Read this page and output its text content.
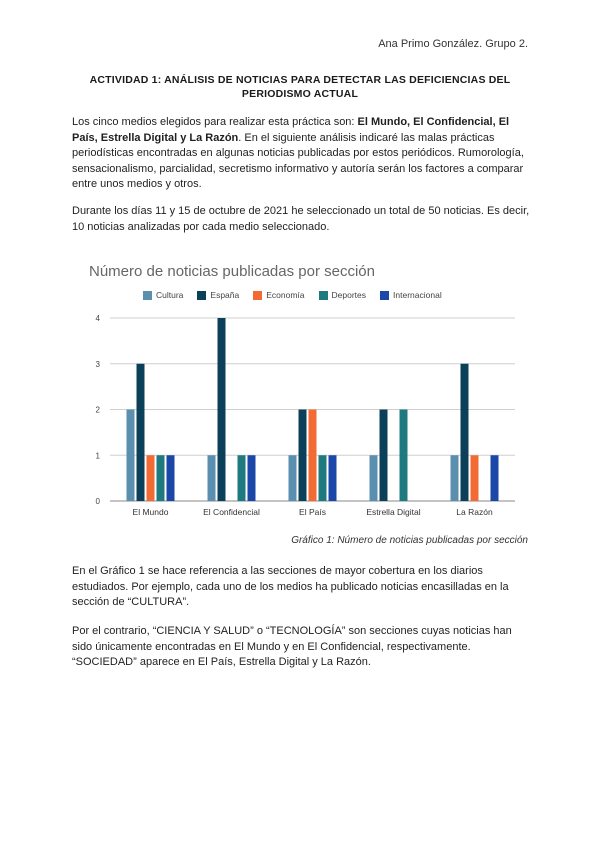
Ana Primo González. Grupo 2.
ACTIVIDAD 1: ANÁLISIS DE NOTICIAS PARA DETECTAR LAS DEFICIENCIAS DEL PERIODISMO ACTUAL
Los cinco medios elegidos para realizar esta práctica son: El Mundo, El Confidencial, El País, Estrella Digital y La Razón. En el siguiente análisis indicaré las malas prácticas periodísticas encontradas en algunas noticias publicadas por estos periódicos. Rumorología, sensacionalismo, parcialidad, secretismo informativo y autoría serán los factores a comparar entre unos medios y otros.
Durante los días 11 y 15 de octubre de 2021 he seleccionado un total de 50 noticias. Es decir, 10 noticias analizadas por cada medio seleccionado.
Número de noticias publicadas por sección
Cultura	España	Economía	Deportes	Internacional
0
1
2
3
4
El Mundo	El Confidencial	El País	Estrella Digital	La Razón
Gráfico 1: Número de noticias publicadas por sección
En el Gráfico 1 se hace referencia a las secciones de mayor cobertura en los diarios estudiados. Por ejemplo, cada uno de los medios ha publicado noticias encasilladas en la sección de “CULTURA”.
Por el contrario, “CIENCIA Y SALUD” o “TECNOLOGÍA” son secciones cuyas noticias han sido únicamente encontradas en El Mundo y en El Confidencial, respectivamente. “SOCIEDAD” aparece en El País, Estrella Digital y La Razón.
